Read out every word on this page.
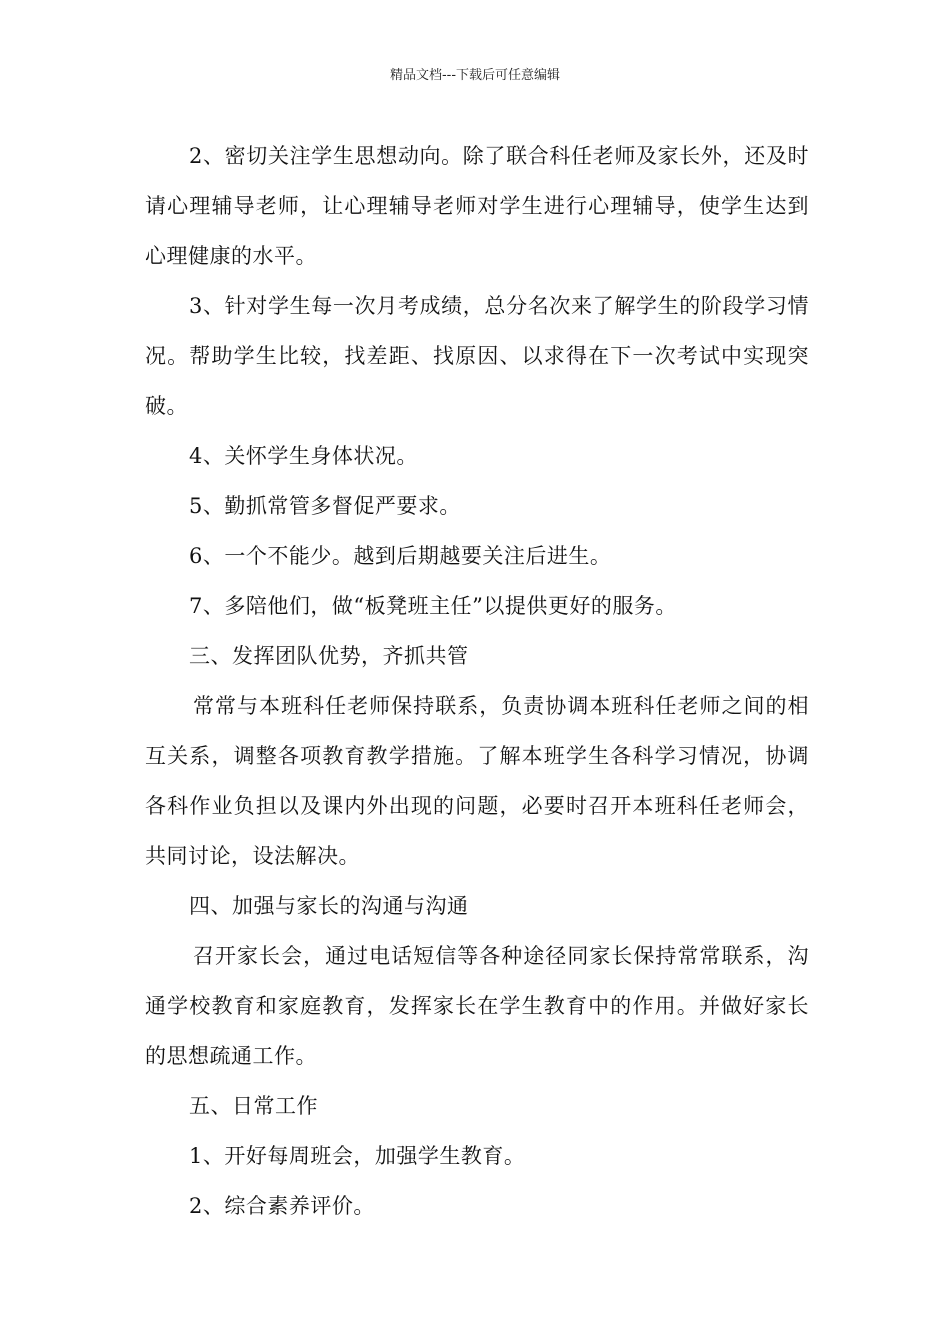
精品文档---下载后可任意编辑

2、密切关注学生思想动向。除了联合科任老师及家长外，还及时请心理辅导老师，让心理辅导老师对学生进行心理辅导，使学生达到心理健康的水平。

3、针对学生每一次月考成绩，总分名次来了解学生的阶段学习情况。帮助学生比较，找差距、找原因、以求得在下一次考试中实现突破。

4、关怀学生身体状况。

5、勤抓常管多督促严要求。

6、一个不能少。越到后期越要关注后进生。

7、多陪他们，做“板凳班主任”以提供更好的服务。

三、发挥团队优势，齐抓共管

常常与本班科任老师保持联系，负责协调本班科任老师之间的相互关系，调整各项教育教学措施。了解本班学生各科学习情况，协调各科作业负担以及课内外出现的问题，必要时召开本班科任老师会，共同讨论，设法解决。

四、加强与家长的沟通与沟通

召开家长会，通过电话短信等各种途径同家长保持常常联系，沟通学校教育和家庭教育，发挥家长在学生教育中的作用。并做好家长的思想疏通工作。

五、日常工作

1、开好每周班会，加强学生教育。

2、综合素养评价。
